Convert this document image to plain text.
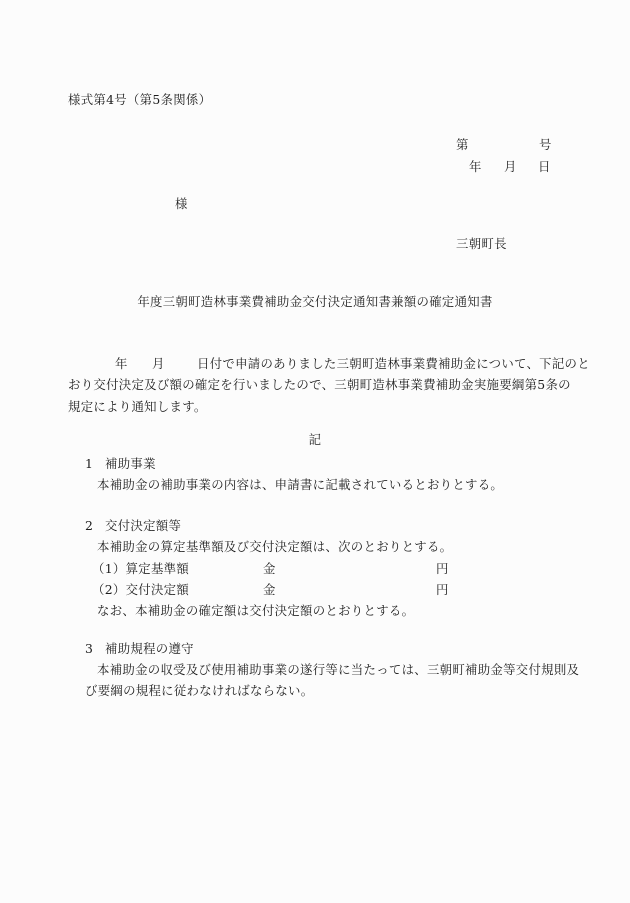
様式第4号（第5条関係）
第	号
年 月 日
様
三朝町長
年度三朝町造林事業費補助金交付決定通知書兼額の確定通知書
年 月	日付で申請のありました三朝町造林事業費補助金について、下記のと
おり交付決定及び額の確定を行いましたので、三朝町造林事業費補助金実施要綱第5条の
規定により通知します。
記
1 補助事業
本補助金の補助事業の内容は、申請書に記載されているとおりとする。
2 交付決定額等
本補助金の算定基準額及び交付決定額は、次のとおりとする。
（1）算定基準額	金	円
（2）交付決定額	金	円
なお、本補助金の確定額は交付決定額のとおりとする。
3 補助規程の遵守
本補助金の収受及び使用補助事業の遂行等に当たっては、三朝町補助金等交付規則及
び要綱の規程に従わなければならない。
